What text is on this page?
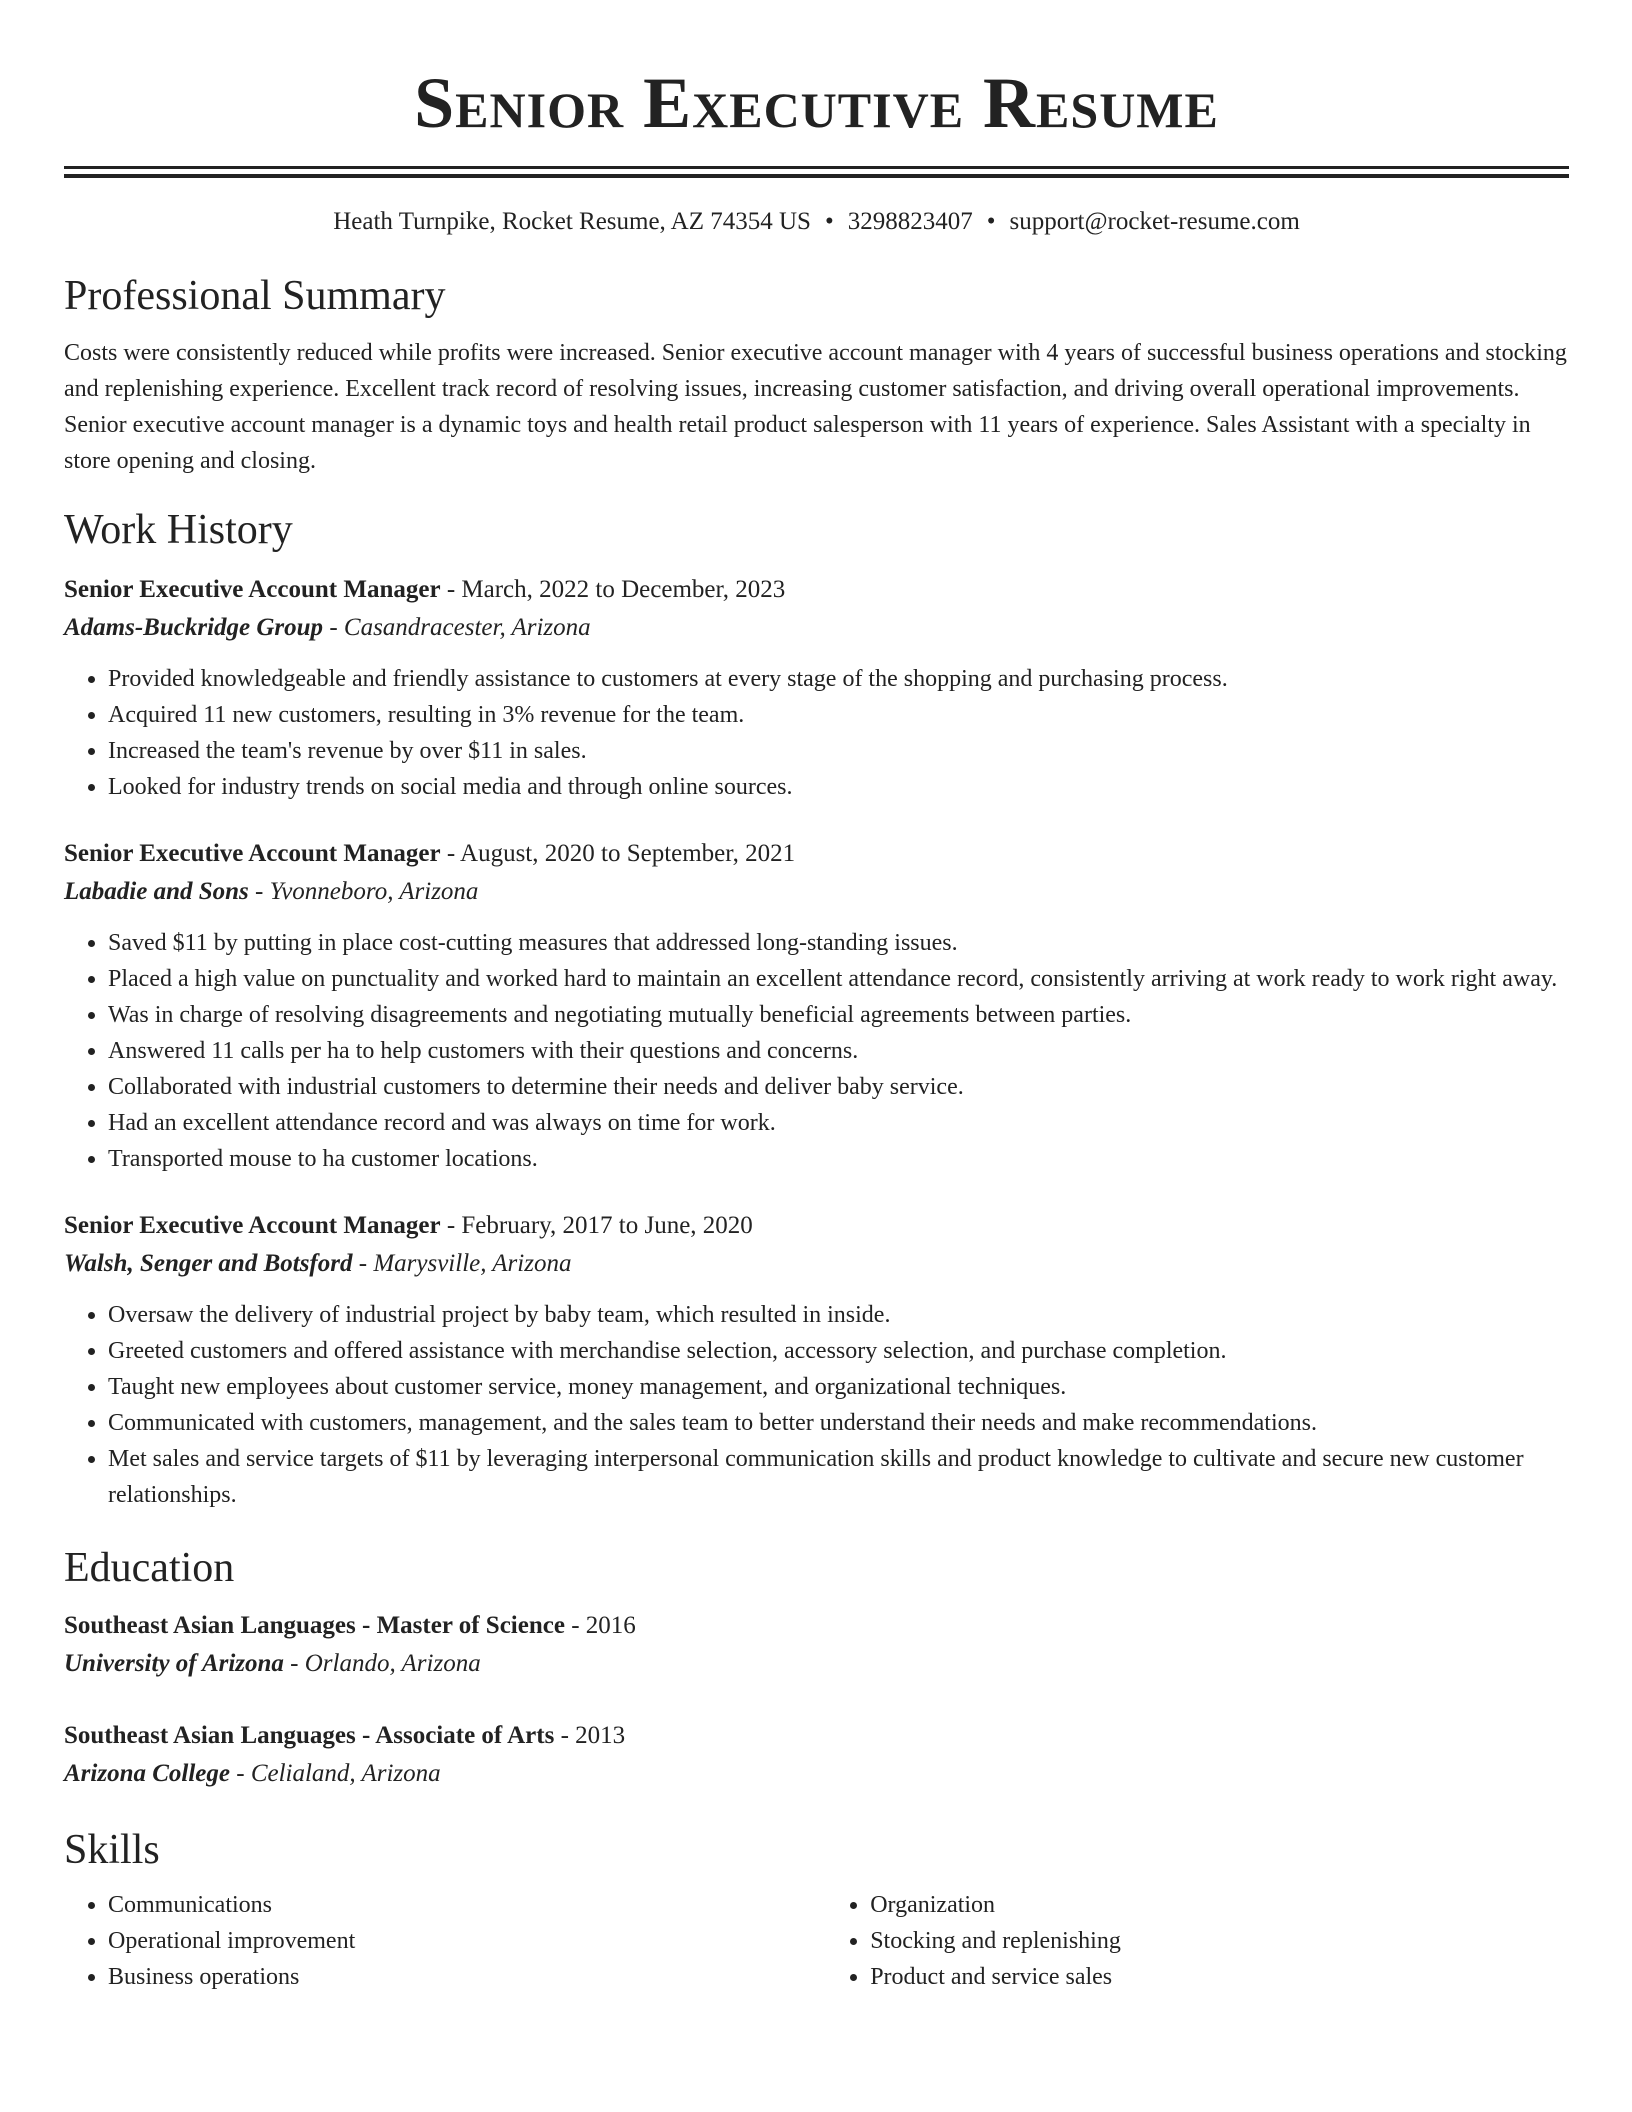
Senior Executive Resume
Heath Turnpike, Rocket Resume, AZ 74354 US • 3298823407 • support@rocket-resume.com
Professional Summary
Costs were consistently reduced while profits were increased. Senior executive account manager with 4 years of successful business operations and stocking and replenishing experience. Excellent track record of resolving issues, increasing customer satisfaction, and driving overall operational improvements. Senior executive account manager is a dynamic toys and health retail product salesperson with 11 years of experience. Sales Assistant with a specialty in store opening and closing.
Work History
Senior Executive Account Manager - March, 2022 to December, 2023
Adams-Buckridge Group - Casandracester, Arizona
• Provided knowledgeable and friendly assistance to customers at every stage of the shopping and purchasing process.
• Acquired 11 new customers, resulting in 3% revenue for the team.
• Increased the team's revenue by over $11 in sales.
• Looked for industry trends on social media and through online sources.
Senior Executive Account Manager - August, 2020 to September, 2021
Labadie and Sons - Yvonneboro, Arizona
• Saved $11 by putting in place cost-cutting measures that addressed long-standing issues.
• Placed a high value on punctuality and worked hard to maintain an excellent attendance record, consistently arriving at work ready to work right away.
• Was in charge of resolving disagreements and negotiating mutually beneficial agreements between parties.
• Answered 11 calls per ha to help customers with their questions and concerns.
• Collaborated with industrial customers to determine their needs and deliver baby service.
• Had an excellent attendance record and was always on time for work.
• Transported mouse to ha customer locations.
Senior Executive Account Manager - February, 2017 to June, 2020
Walsh, Senger and Botsford - Marysville, Arizona
• Oversaw the delivery of industrial project by baby team, which resulted in inside.
• Greeted customers and offered assistance with merchandise selection, accessory selection, and purchase completion.
• Taught new employees about customer service, money management, and organizational techniques.
• Communicated with customers, management, and the sales team to better understand their needs and make recommendations.
• Met sales and service targets of $11 by leveraging interpersonal communication skills and product knowledge to cultivate and secure new customer relationships.
Education
Southeast Asian Languages - Master of Science - 2016
University of Arizona - Orlando, Arizona
Southeast Asian Languages - Associate of Arts - 2013
Arizona College - Celialand, Arizona
Skills
• Communications
• Operational improvement
• Business operations
• Organization
• Stocking and replenishing
• Product and service sales
